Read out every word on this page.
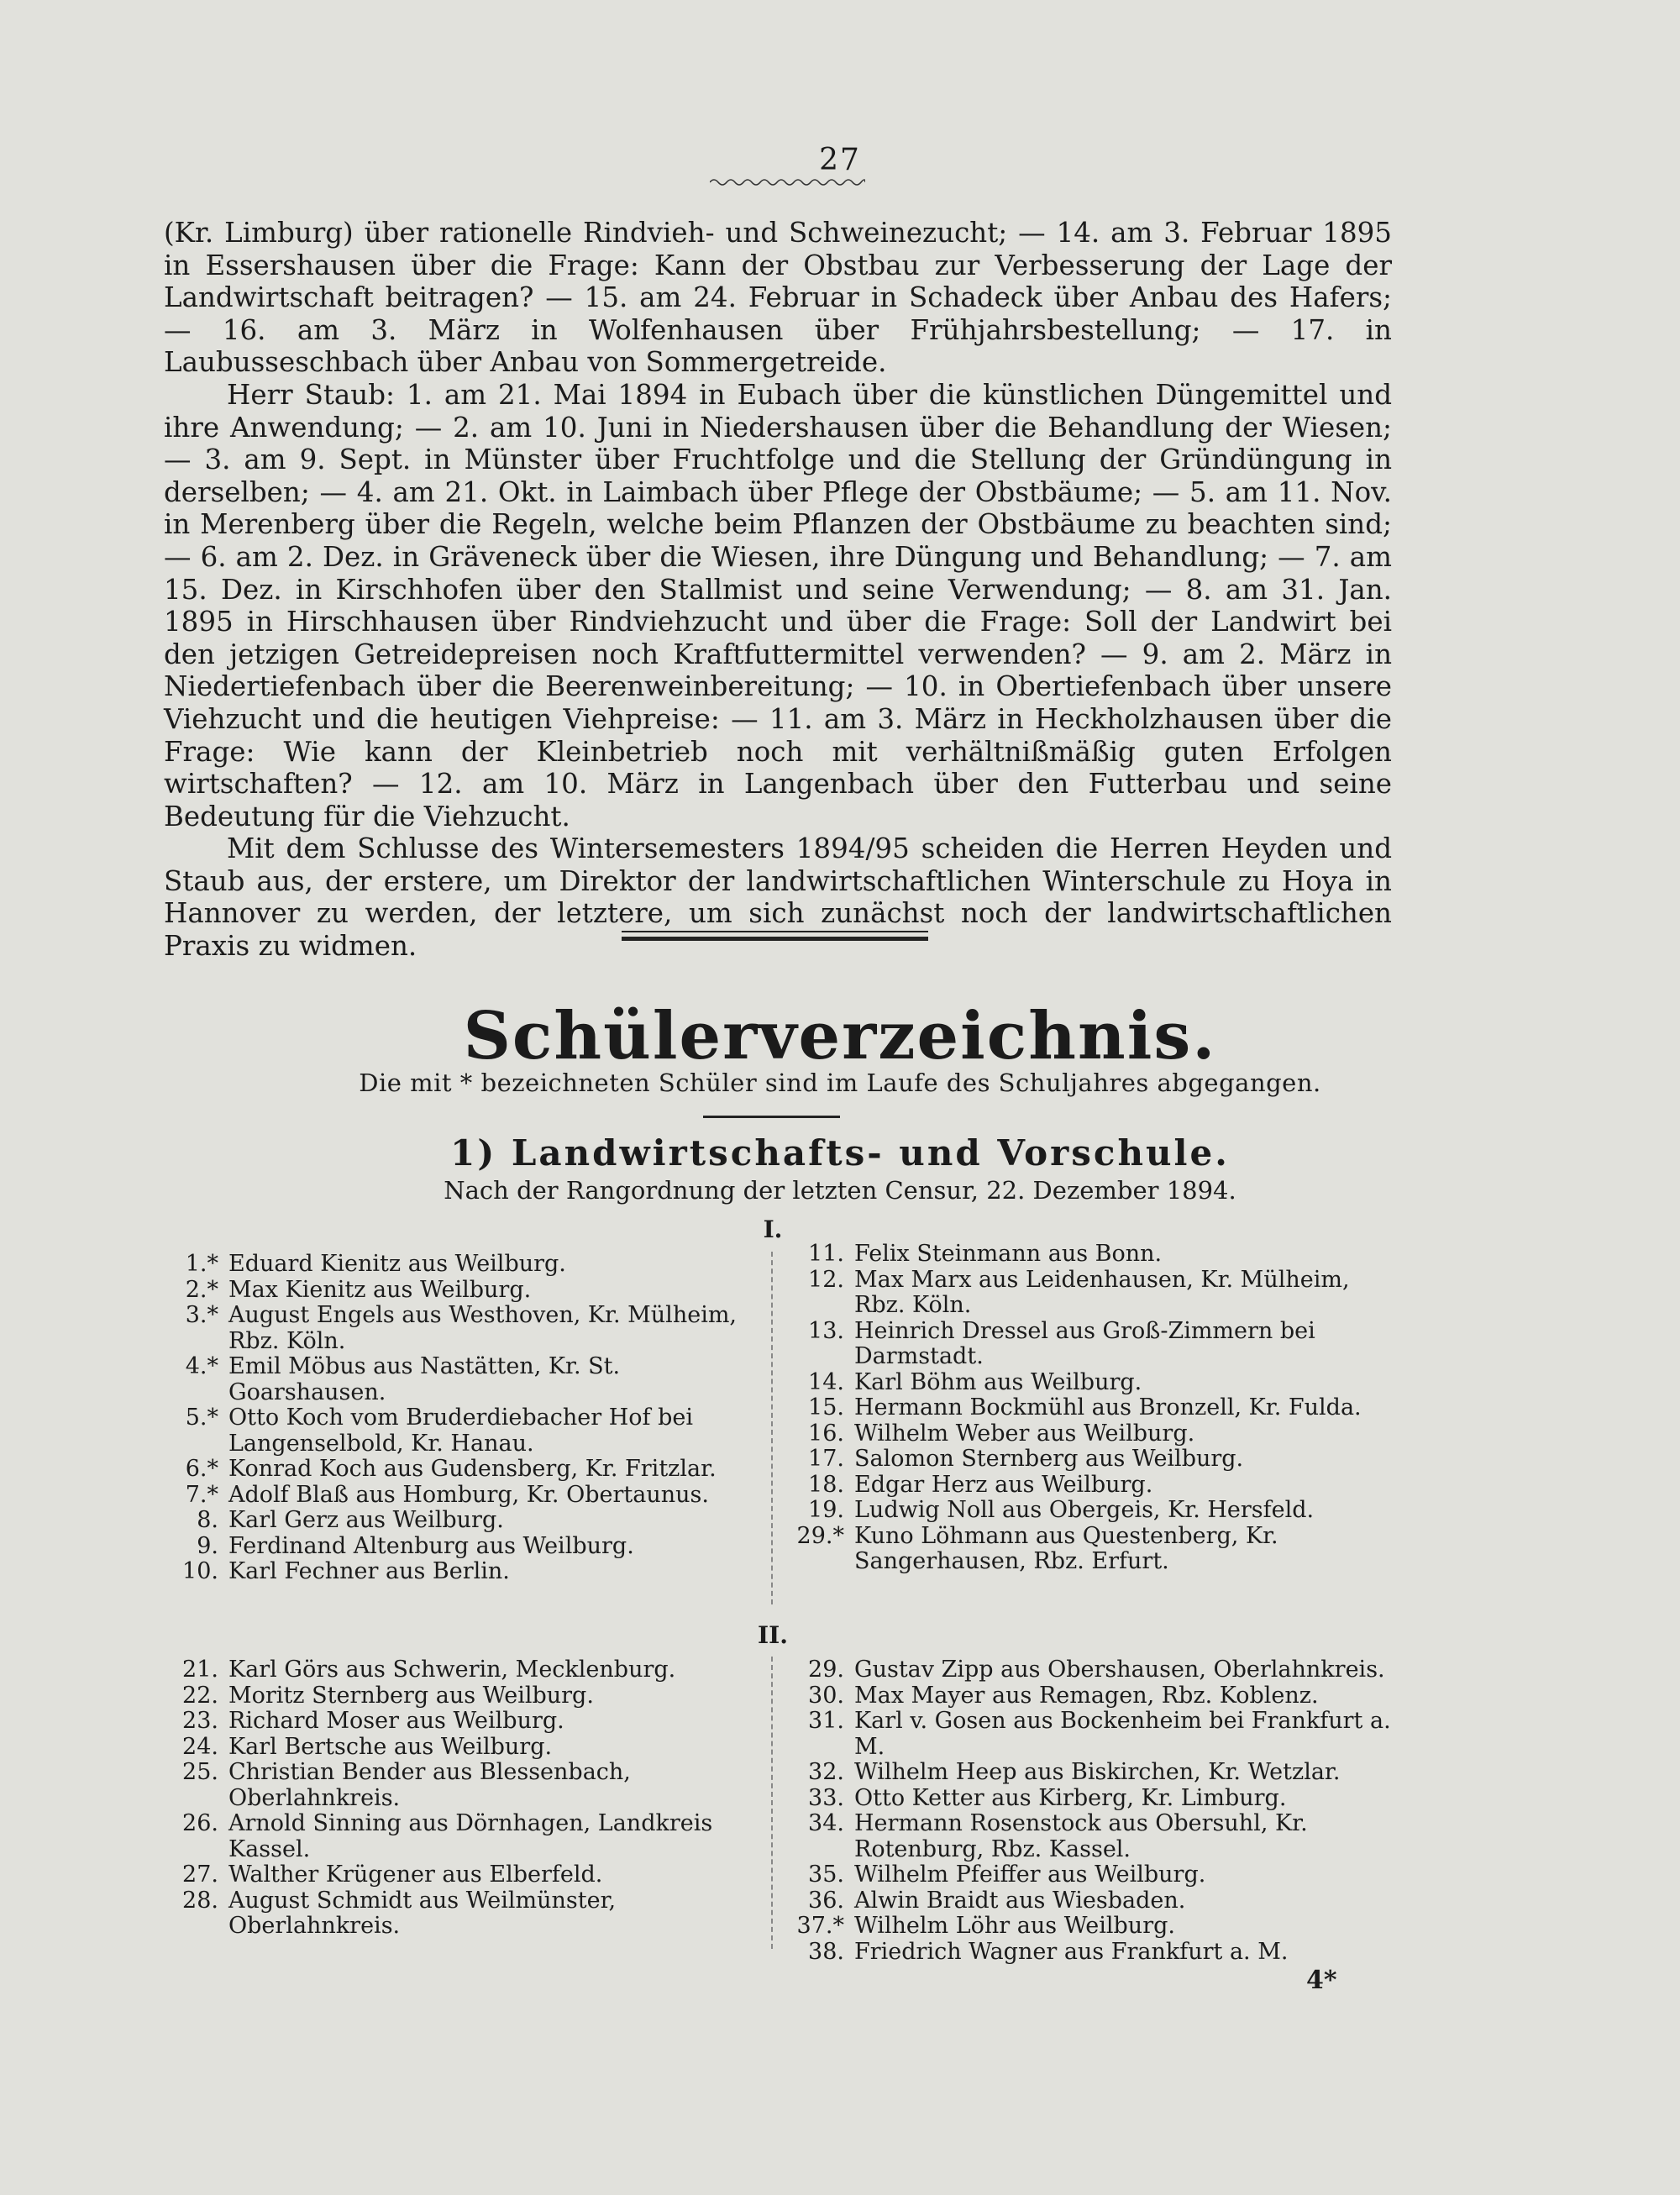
27

(Kr. Limburg) über rationelle Rindvieh- und Schweinezucht; — 14. am 3. Februar 1895 in Essershausen über die Frage: Kann der Obstbau zur Verbesserung der Lage der Landwirtschaft beitragen? — 15. am 24. Februar in Schadeck über Anbau des Hafers; — 16. am 3. März in Wolfenhausen über Frühjahrsbestellung; — 17. in Laubusseschbach über Anbau von Sommergetreide.

Herr Staub: 1. am 21. Mai 1894 in Eubach über die künstlichen Düngemittel und ihre Anwendung; — 2. am 10. Juni in Niedershausen über die Behandlung der Wiesen; — 3. am 9. Sept. in Münster über Fruchtfolge und die Stellung der Gründüngung in derselben; — 4. am 21. Okt. in Laimbach über Pflege der Obstbäume; — 5. am 11. Nov. in Merenberg über die Regeln, welche beim Pflanzen der Obstbäume zu beachten sind; — 6. am 2. Dez. in Gräveneck über die Wiesen, ihre Düngung und Behandlung; — 7. am 15. Dez. in Kirschhofen über den Stallmist und seine Verwendung; — 8. am 31. Jan. 1895 in Hirschhausen über Rindviehzucht und über die Frage: Soll der Landwirt bei den jetzigen Getreidepreisen noch Kraftfuttermittel verwenden? — 9. am 2. März in Niedertiefenbach über die Beerenweinbereitung; — 10. in Obertiefenbach über unsere Viehzucht und die heutigen Viehpreise: — 11. am 3. März in Heckholzhausen über die Frage: Wie kann der Kleinbetrieb noch mit verhältnißmäßig guten Erfolgen wirtschaften? — 12. am 10. März in Langenbach über den Futterbau und seine Bedeutung für die Viehzucht.

Mit dem Schlusse des Wintersemesters 1894/95 scheiden die Herren Heyden und Staub aus, der erstere, um Direktor der landwirtschaftlichen Winterschule zu Hoya in Hannover zu werden, der letztere, um sich zunächst noch der landwirtschaftlichen Praxis zu widmen.

Schülerverzeichnis.
Die mit * bezeichneten Schüler sind im Laufe des Schuljahres abgegangen.
1) Landwirtschafts- und Vorschule.
Nach der Rangordnung der letzten Censur, 22. Dezember 1894.
I.
1.* Eduard Kienitz aus Weilburg.
2.* Max Kienitz aus Weilburg.
3.* August Engels aus Westhoven, Kr. Mülheim, Rbz. Köln.
4.* Emil Möbus aus Nastätten, Kr. St. Goarshausen.
5.* Otto Koch vom Bruderdiebacher Hof bei Langenselbold, Kr. Hanau.
6.* Konrad Koch aus Gudensberg, Kr. Fritzlar.
7.* Adolf Blaß aus Homburg, Kr. Obertaunus.
8. Karl Gerz aus Weilburg.
9. Ferdinand Altenburg aus Weilburg.
10. Karl Fechner aus Berlin.
11. Felix Steinmann aus Bonn.
12. Max Marx aus Leidenhausen, Kr. Mülheim, Rbz. Köln.
13. Heinrich Dressel aus Groß-Zimmern bei Darmstadt.
14. Karl Böhm aus Weilburg.
15. Hermann Bockmühl aus Bronzell, Kr. Fulda.
16. Wilhelm Weber aus Weilburg.
17. Salomon Sternberg aus Weilburg.
18. Edgar Herz aus Weilburg.
19. Ludwig Noll aus Obergeis, Kr. Hersfeld.
29.* Kuno Löhmann aus Questenberg, Kr. Sangerhausen, Rbz. Erfurt.
II.
21. Karl Görs aus Schwerin, Mecklenburg.
22. Moritz Sternberg aus Weilburg.
23. Richard Moser aus Weilburg.
24. Karl Bertsche aus Weilburg.
25. Christian Bender aus Blessenbach, Oberlahnkreis.
26. Arnold Sinning aus Dörnhagen, Landkreis Kassel.
27. Walther Krügener aus Elberfeld.
28. August Schmidt aus Weilmünster, Oberlahnkreis.
29. Gustav Zipp aus Obershausen, Oberlahnkreis.
30. Max Mayer aus Remagen, Rbz. Koblenz.
31. Karl v. Gosen aus Bockenheim bei Frankfurt a. M.
32. Wilhelm Heep aus Biskirchen, Kr. Wetzlar.
33. Otto Ketter aus Kirberg, Kr. Limburg.
34. Hermann Rosenstock aus Obersuhl, Kr. Rotenburg, Rbz. Kassel.
35. Wilhelm Pfeiffer aus Weilburg.
36. Alwin Braidt aus Wiesbaden.
37.* Wilhelm Löhr aus Weilburg.
38. Friedrich Wagner aus Frankfurt a. M.
4*
